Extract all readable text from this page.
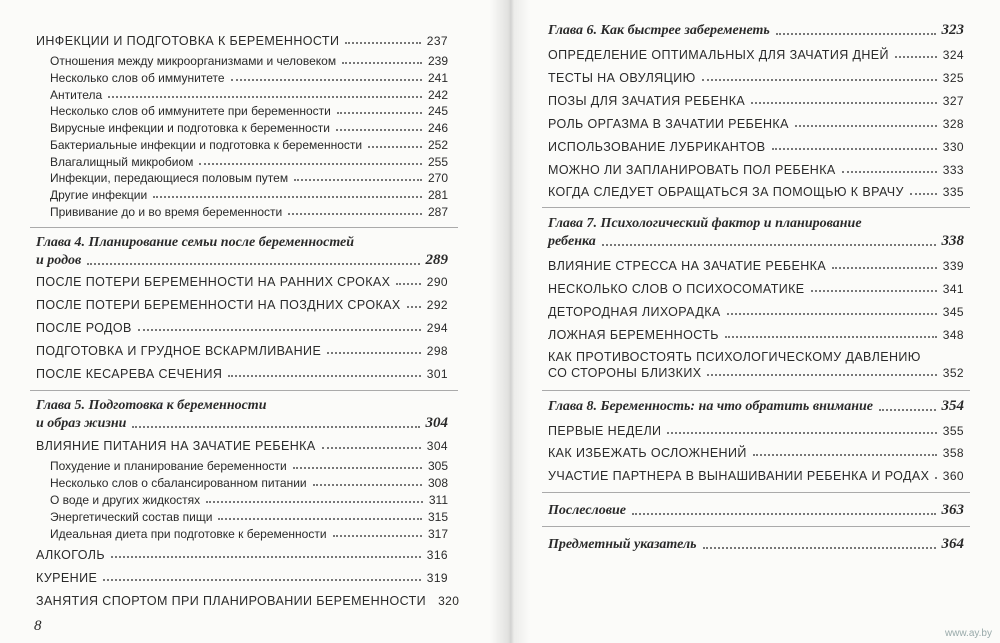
ИНФЕКЦИИ И ПОДГОТОВКА К БЕРЕМЕННОСТИ	237
Отношения между микроорганизмами и человеком	239
Несколько слов об иммунитете	241
Антитела	242
Несколько слов об иммунитете при беременности	245
Вирусные инфекции и подготовка к беременности	246
Бактериальные инфекции и подготовка к беременности	252
Влагалищный микробиом	255
Инфекции, передающиеся половым путем	270
Другие инфекции	281
Прививание до и во время беременности	287
Глава 4. Планирование семьи после беременностей
и родов	289
ПОСЛЕ ПОТЕРИ БЕРЕМЕННОСТИ НА РАННИХ СРОКАХ	290
ПОСЛЕ ПОТЕРИ БЕРЕМЕННОСТИ НА ПОЗДНИХ СРОКАХ 292
ПОСЛЕ РОДОВ	294
ПОДГОТОВКА И ГРУДНОЕ ВСКАРМЛИВАНИЕ	298
ПОСЛЕ КЕСАРЕВА СЕЧЕНИЯ	301
Глава 5. Подготовка к беременности
и образ жизни	304
ВЛИЯНИЕ ПИТАНИЯ НА ЗАЧАТИЕ РЕБЕНКА	304
Похудение и планирование беременности	305
Несколько слов о сбалансированном питании	308
О воде и других жидкостях	311
Энергетический состав пищи	315
Идеальная диета при подготовке к беременности	317
АЛКОГОЛЬ	316
КУРЕНИЕ	319
ЗАНЯТИЯ СПОРТОМ ПРИ ПЛАНИРОВАНИИ БЕРЕМЕННОСТИ 320
8
Глава 6. Как быстрее забеременеть	323
ОПРЕДЕЛЕНИЕ ОПТИМАЛЬНЫХ ДЛЯ ЗАЧАТИЯ ДНЕЙ	324
ТЕСТЫ НА ОВУЛЯЦИЮ	325
ПОЗЫ ДЛЯ ЗАЧАТИЯ РЕБЕНКА	327
РОЛЬ ОРГАЗМА В ЗАЧАТИИ РЕБЕНКА	328
ИСПОЛЬЗОВАНИЕ ЛУБРИКАНТОВ	330
МОЖНО ЛИ ЗАПЛАНИРОВАТЬ ПОЛ РЕБЕНКА	333
КОГДА СЛЕДУЕТ ОБРАЩАТЬСЯ ЗА ПОМОЩЬЮ К ВРАЧУ	335
Глава 7. Психологический фактор и планирование
ребенка	338
ВЛИЯНИЕ СТРЕССА НА ЗАЧАТИЕ РЕБЕНКА	339
НЕСКОЛЬКО СЛОВ О ПСИХОСОМАТИКЕ	341
ДЕТОРОДНАЯ ЛИХОРАДКА	345
ЛОЖНАЯ БЕРЕМЕННОСТЬ	348
КАК ПРОТИВОСТОЯТЬ ПСИХОЛОГИЧЕСКОМУ ДАВЛЕНИЮ
СО СТОРОНЫ БЛИЗКИХ	352
Глава 8. Беременность: на что обратить внимание	354
ПЕРВЫЕ НЕДЕЛИ	355
КАК ИЗБЕЖАТЬ ОСЛОЖНЕНИЙ	358
УЧАСТИЕ ПАРТНЕРА В ВЫНАШИВАНИИ РЕБЕНКА И РОДАХ 360
Послесловие	363
Предметный указатель	364
www.ay.by
